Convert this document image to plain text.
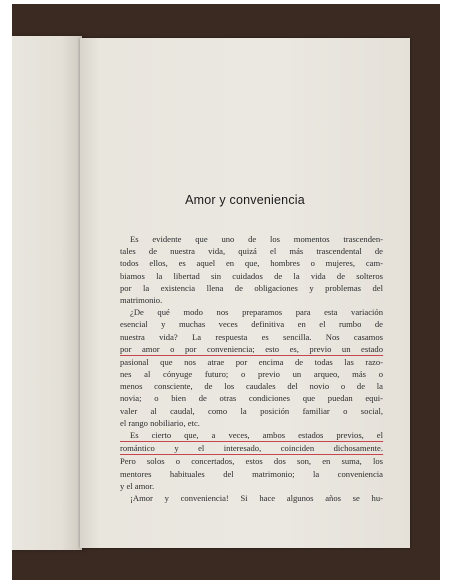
Amor y conveniencia
Es evidente que uno de los momentos trascenden-
tales de nuestra vida, quizá el más trascendental de
todos ellos, es aquel en que, hombres o mujeres, cam-
biamos la libertad sin cuidados de la vida de solteros
por la existencia llena de obligaciones y problemas del
matrimonio.
¿De qué modo nos preparamos para esta variación
esencial y muchas veces definitiva en el rumbo de
nuestra vida? La respuesta es sencilla. Nos casamos
por amor o por conveniencia; esto es, previo un estado
pasional que nos atrae por encima de todas las razo-
nes al cónyuge futuro; o previo un arqueo, más o
menos consciente, de los caudales del novio o de la
novia; o bien de otras condiciones que puedan equi-
valer al caudal, como la posición familiar o social,
el rango nobiliario, etc.
Es cierto que, a veces, ambos estados previos, el
romántico y el interesado, coinciden dichosamente.
Pero solos o concertados, estos dos son, en suma, los
mentores habituales del matrimonio; la conveniencia
y el amor.
¡Amor y conveniencia! Si hace algunos años se hu-
